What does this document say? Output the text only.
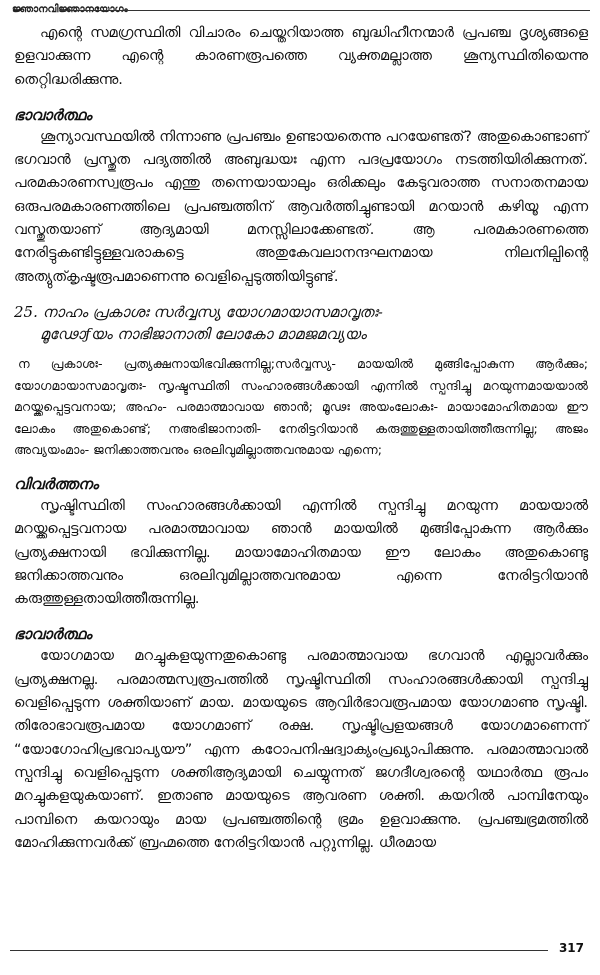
ജ്ഞാനവിജ്ഞാനയോഗം

എന്റെ സമഗ്രസ്ഥിതി വിചാരം ചെയ്തറിയാത്ത ബുദ്ധിഹീനന്മാർ പ്രപഞ്ച ദൃശ്യങ്ങളെ ഉളവാക്കുന്ന എന്റെ കാരണരൂപത്തെ വ്യക്തമല്ലാത്ത ശൂന്യസ്ഥിതിയെന്നു തെറ്റിദ്ധരിക്കുന്നു.

ഭാവാർത്ഥം

ശൂന്യാവസ്ഥയിൽ നിന്നാണു പ്രപഞ്ചം ഉണ്ടായതെന്നു പറയേണ്ടത്? അതുകൊണ്ടാണ് ഭഗവാൻ പ്രസ്തുത പദ്യത്തിൽ അബുദ്ധയഃ എന്ന പദപ്രയോഗം നടത്തിയിരിക്കുന്നത്. പരമകാരണസ്വരൂപം എന്തു തന്നെയായാലും ഒരിക്കലും കേടുവരാത്ത സനാതനമായ ഒരുപരമകാരണത്തിലെ പ്രപഞ്ചത്തിന് ആവർത്തിച്ചുണ്ടായി മറയാൻ കഴിയൂ എന്ന വസ്തുതയാണ് ആദ്യമായി മനസ്സിലാക്കേണ്ടത്. ആ പരമകാരണത്തെ നേരിട്ടുകണ്ടിട്ടുള്ളവരാകട്ടെ അതുകേവലാനന്ദഘനമായ നിലനില്പിന്റെ അത്യുത്കൃഷ്ടരൂപമാണെന്നു വെളിപ്പെടുത്തിയിട്ടുണ്ട്.

25. നാഹം പ്രകാശഃ സർവ്വസ്യ യോഗമായാസമാവൃതഃ-

മൂഢോƒയം നാഭിജാനാതി ലോകോ മാമജമവ്യയം

ന പ്രകാശഃ- പ്രത്യക്ഷനായിഭവിക്കുന്നില്ല;സർവ്വസ്യ- മായയിൽ മുങ്ങിപ്പോകുന്ന ആർക്കും; യോഗമായാസമാവൃതഃ- സൃഷ്ടസ്ഥിതി സംഹാരങ്ങൾക്കായി എന്നിൽ സ്പന്ദിച്ചു മറയുന്നമായയാൽ മറയ്ക്കപ്പെട്ടവനായ; അഹം- പരമാത്മാവായ ഞാൻ; മൂഢഃ അയംലോകഃ- മായാമോഹിതമായ ഈ ലോകം അതുകൊണ്ട്; നഅഭിജാനാതി- നേരിട്ടറിയാൻ കരുത്തുള്ളതായിത്തീരുന്നില്ല; അജം അവ്യയംമാം- ജനിക്കാത്തവനും ഒരലിവുമില്ലാത്തവനുമായ എന്നെ;

വിവർത്തനം

സൃഷ്ടിസ്ഥിതി സംഹാരങ്ങൾക്കായി എന്നിൽ സ്പന്ദിച്ചു മറയുന്ന മായയാൽ മറയ്ക്കപ്പെട്ടവനായ പരമാത്മാവായ ഞാൻ മായയിൽ മുങ്ങിപ്പോകുന്ന ആർക്കും പ്രത്യക്ഷനായി ഭവിക്കുന്നില്ല. മായാമോഹിതമായ ഈ ലോകം അതുകൊണ്ടു ജനിക്കാത്തവനും ഒരലിവുമില്ലാത്തവനുമായ എന്നെ നേരിട്ടറിയാൻ കരുത്തുള്ളതായിത്തീരുന്നില്ല.

ഭാവാർത്ഥം

യോഗമായ മറച്ചുകളയുന്നതുകൊണ്ടു പരമാത്മാവായ ഭഗവാൻ എല്ലാവർക്കും പ്രത്യക്ഷനല്ല. പരമാത്മസ്വരൂപത്തിൽ സൃഷ്ടിസ്ഥിതി സംഹാരങ്ങൾക്കായി സ്പന്ദിച്ചു വെളിപ്പെടുന്ന ശക്തിയാണ് മായ. മായയുടെ ആവിർഭാവരൂപമായ യോഗമാണു സൃഷ്ടി. തിരോഭാവരൂപമായ യോഗമാണ് രക്ഷ. സൃഷ്ടിപ്രളയങ്ങൾ യോഗമാണെന്ന് “യോഗോഹിപ്രഭവാപ്യയൗ” എന്ന കഠോപനിഷദ്വാക്യംപ്രഖ്യാപിക്കുന്നു. പരമാത്മാവാൽ സ്പന്ദിച്ചു വെളിപ്പെടുന്ന ശക്തിആദ്യമായി ചെയ്യുന്നത് ജഗദീശ്വരന്റെ യഥാർത്ഥ രൂപം മറച്ചുകളയുകയാണ്. ഇതാണു മായയുടെ ആവരണ ശക്തി. കയറിൽ പാമ്പിനേയും പാമ്പിനെ കയറായും മായ പ്രപഞ്ചത്തിന്റെ ഭ്രമം ഉളവാക്കുന്നു. പ്രപഞ്ചഭ്രമത്തിൽ മോഹിക്കുന്നവർക്ക് ബ്രഹ്മത്തെ നേരിട്ടറിയാൻ പറ്റുന്നില്ല. ധീരമായ

317
